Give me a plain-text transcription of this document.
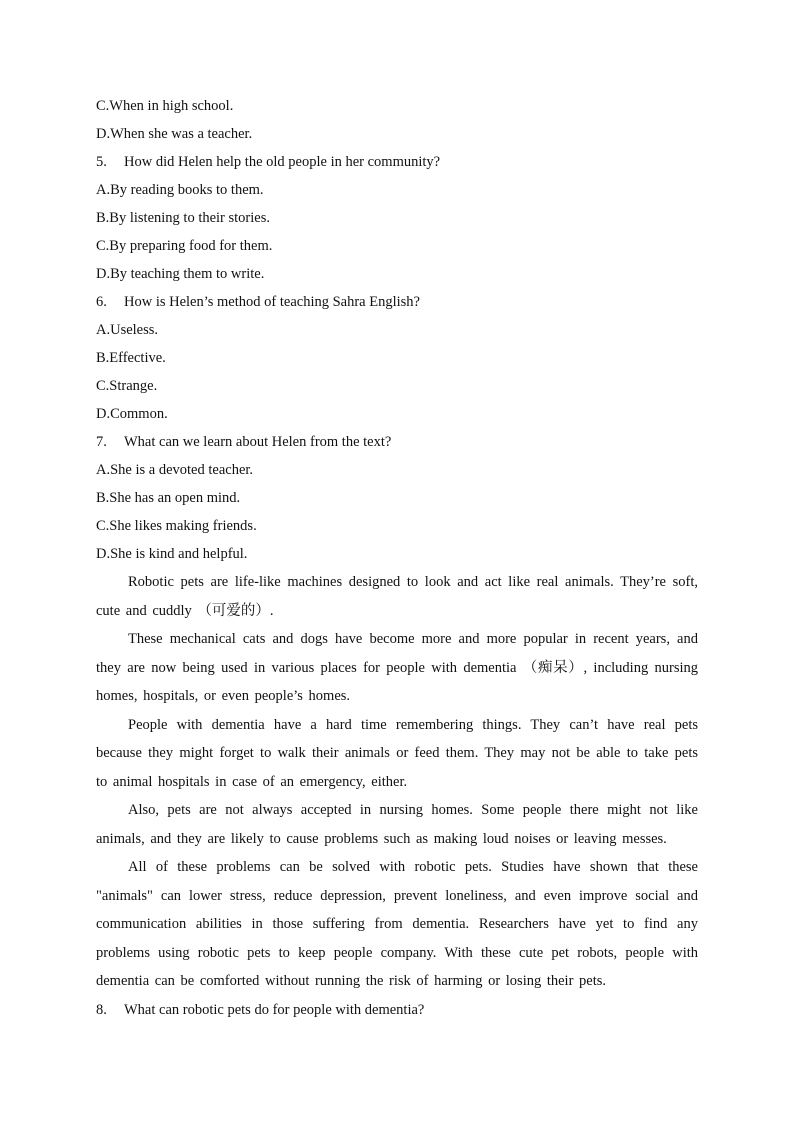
C.When in high school.
D.When she was a teacher.
5. How did Helen help the old people in her community?
A.By reading books to them.
B.By listening to their stories.
C.By preparing food for them.
D.By teaching them to write.
6. How is Helen’s method of teaching Sahra English?
A.Useless.
B.Effective.
C.Strange.
D.Common.
7. What can we learn about Helen from the text?
A.She is a devoted teacher.
B.She has an open mind.
C.She likes making friends.
D.She is kind and helpful.

Robotic pets are life-like machines designed to look and act like real animals. They’re soft, cute and cuddly （可爱的）.

These mechanical cats and dogs have become more and more popular in recent years, and they are now being used in various places for people with dementia （痴呆）, including nursing homes, hospitals, or even people’s homes.

People with dementia have a hard time remembering things. They can’t have real pets because they might forget to walk their animals or feed them. They may not be able to take pets to animal hospitals in case of an emergency, either.

Also, pets are not always accepted in nursing homes. Some people there might not like animals, and they are likely to cause problems such as making loud noises or leaving messes.

All of these problems can be solved with robotic pets. Studies have shown that these "animals" can lower stress, reduce depression, prevent loneliness, and even improve social and communication abilities in those suffering from dementia. Researchers have yet to find any problems using robotic pets to keep people company. With these cute pet robots, people with dementia can be comforted without running the risk of harming or losing their pets.

8. What can robotic pets do for people with dementia?
